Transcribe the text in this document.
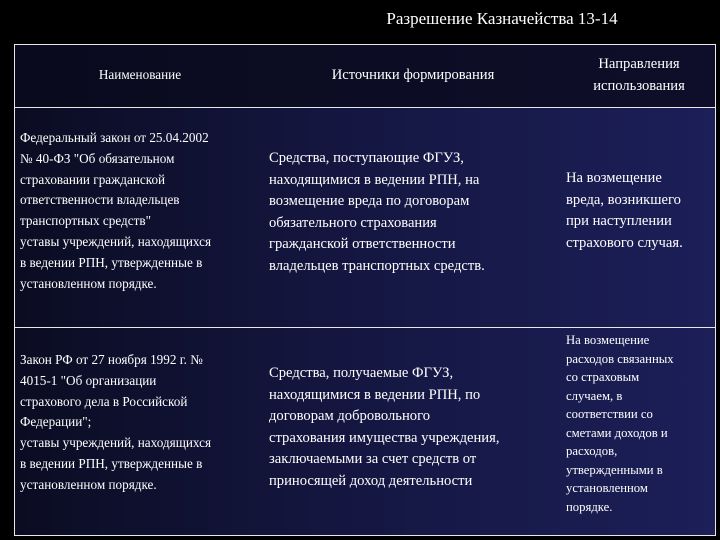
Разрешение Казначейства 13-14
Наименование	Источники формирования
Направления
использования
Федеральный закон от 25.04.2002
№ 40-ФЗ "Об обязательном
страховании гражданской
ответственности владельцев
транспортных средств"
уставы учреждений, находящихся
в ведении РПН, утвержденные в
установленном порядке.
Средства, поступающие ФГУЗ,
находящимися в ведении РПН, на
возмещение вреда по договорам
обязательного страхования
гражданской ответственности
владельцев транспортных средств.
На возмещение
вреда, возникшего
при наступлении
страхового случая.
Закон РФ от 27 ноября 1992 г. №
4015-1 "Об организации
страхового дела в Российской
Федерации";
уставы учреждений, находящихся
в ведении РПН, утвержденные в
установленном порядке.
Средства, получаемые ФГУЗ,
находящимися в ведении РПН, по
договорам добровольного
страхования имущества учреждения,
заключаемыми за счет средств от
приносящей доход деятельности
На возмещение
расходов связанных
со страховым
случаем, в
соответствии со
сметами доходов и
расходов,
утвержденными в
установленном
порядке.
